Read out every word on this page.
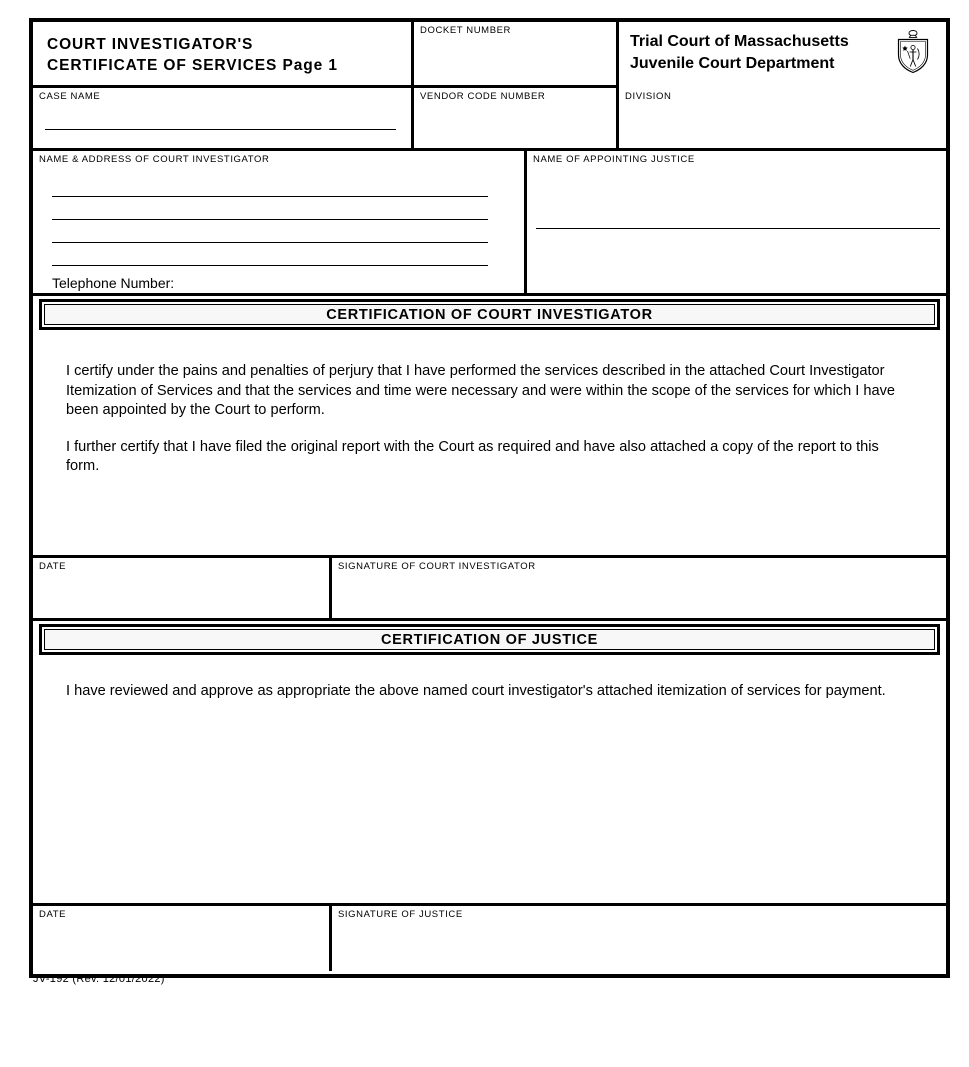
COURT INVESTIGATOR'S
CERTIFICATE OF SERVICES Page 1
DOCKET NUMBER
Trial Court of Massachusetts
Juvenile Court Department
CASE NAME	VENDOR CODE NUMBER	DIVISION
NAME & ADDRESS OF COURT INVESTIGATOR
Telephone Number:
NAME OF APPOINTING JUSTICE
CERTIFICATION OF COURT INVESTIGATOR

I certify under the pains and penalties of perjury that I have performed the services described in the attached Court Investigator Itemization of Services and that the services and time were necessary and were within the scope of the services for which I have been appointed by the Court to perform.

I further certify that I have filed the original report with the Court as required and have also attached a copy of the report to this form.

DATE	SIGNATURE OF COURT INVESTIGATOR
CERTIFICATION OF JUSTICE

I have reviewed and approve as appropriate the above named court investigator's attached itemization of services for payment.

DATE	SIGNATURE OF JUSTICE
JV-192 (Rev. 12/01/2022)
